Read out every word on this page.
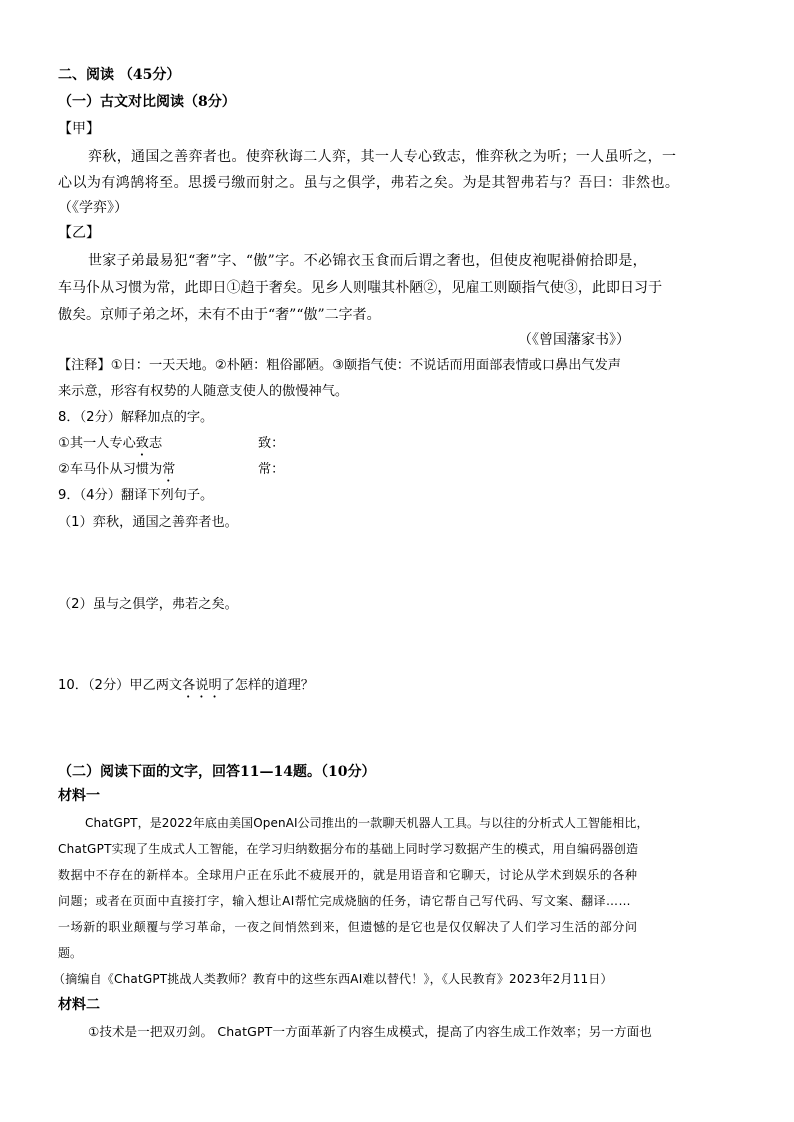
二、阅读 （45分）
（一）古文对比阅读（8分）
【甲】
弈秋，通国之善弈者也。使弈秋诲二人弈，其一人专心致志，惟弈秋之为听；一人虽听之，一
心以为有鸿鹄将至。思援弓缴而射之。虽与之俱学，弗若之矣。为是其智弗若与？吾曰：非然也。
（《学弈》）
【乙】
世家子弟最易犯“奢”字、“傲”字。不必锦衣玉食而后谓之奢也，但使皮袍呢褂俯拾即是，
车马仆从习惯为常，此即日①趋于奢矣。见乡人则嗤其朴陋②，见雇工则颐指气使③，此即日习于
傲矣。京师子弟之坏，未有不由于“奢”“傲”二字者。
（《曾国藩家书》）
【注释】①日：一天天地。②朴陋：粗俗鄙陋。③颐指气使：不说话而用面部表情或口鼻出气发声
来示意，形容有权势的人随意支使人的傲慢神气。
8．（2分）解释加点的字。
①其一人专心致志	致：
②车马仆从习惯为常	常：
9．（4分）翻译下列句子。
（1）弈秋，通国之善弈者也。
（2）虽与之俱学，弗若之矣。
10．（2分）甲乙两文各说明了怎样的道理？
（二）阅读下面的文字，回答11—14题。（10分）
材料一
ChatGPT，是2022年底由美国OpenAI公司推出的一款聊天机器人工具。与以往的分析式人工智能相比，
ChatGPT实现了生成式人工智能，在学习归纳数据分布的基础上同时学习数据产生的模式，用自编码器创造
数据中不存在的新样本。全球用户正在乐此不疲展开的，就是用语音和它聊天，讨论从学术到娱乐的各种
问题；或者在页面中直接打字，输入想让AI帮忙完成烧脑的任务，请它帮自己写代码、写文案、翻译……
一场新的职业颠覆与学习革命，一夜之间悄然到来，但遗憾的是它也是仅仅解决了人们学习生活的部分问
题。
（摘编自《ChatGPT挑战人类教师？教育中的这些东西AI难以替代！》，《人民教育》2023年2月11日）
材料二
①技术是一把双刃剑。 ChatGPT一方面革新了内容生成模式，提高了内容生成工作效率；另一方面也
